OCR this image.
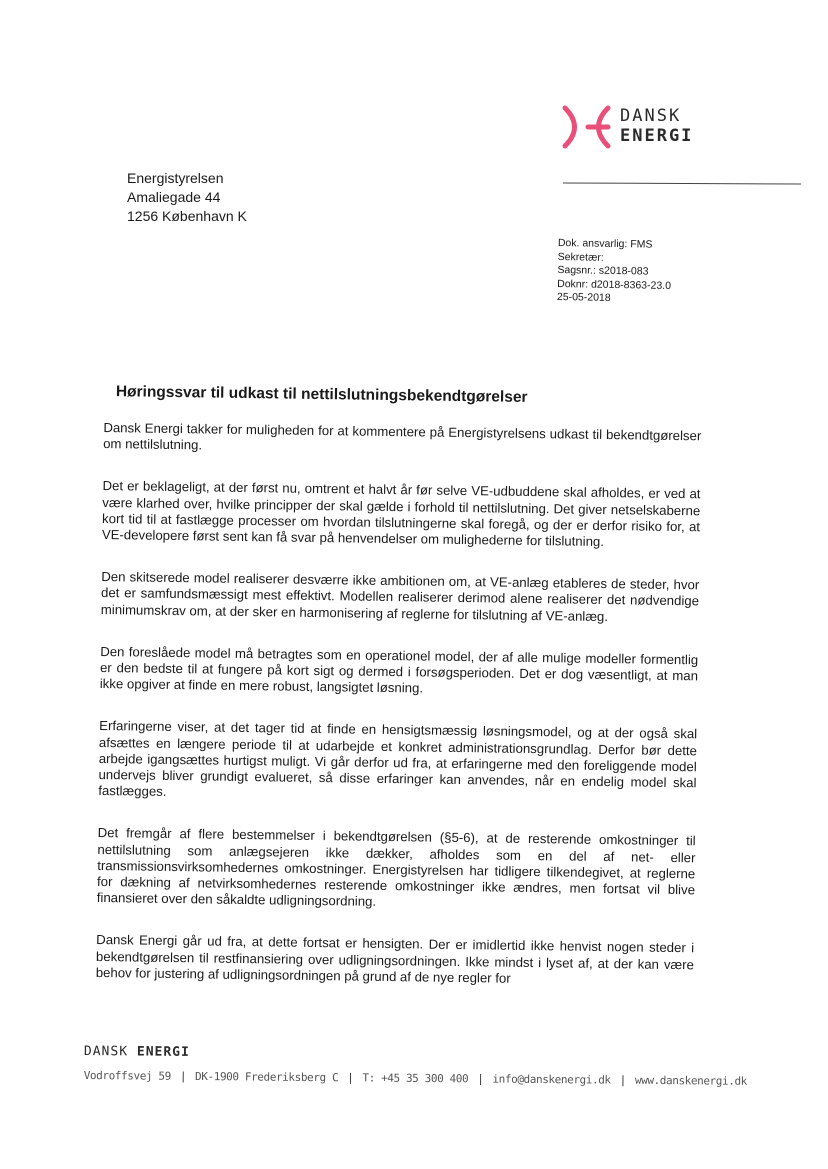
DANSK
ENERGI
Energistyrelsen
Amaliegade 44
1256 København K
Dok. ansvarlig: FMS
Sekretær:
Sagsnr.: s2018-083
Doknr: d2018-8363-23.0
25-05-2018
Høringssvar til udkast til nettilslutningsbekendtgørelser

Dansk Energi takker for muligheden for at kommentere på Energistyrelsens udkast til bekendtgørelser om nettilslutning.

Det er beklageligt, at der først nu, omtrent et halvt år før selve VE-udbuddene skal afholdes, er ved at være klarhed over, hvilke principper der skal gælde i forhold til nettilslutning. Det giver netselskaberne kort tid til at fastlægge processer om hvordan tilslutningerne skal foregå, og der er derfor risiko for, at VE-developere først sent kan få svar på henvendelser om mulighederne for tilslutning.

Den skitserede model realiserer desværre ikke ambitionen om, at VE-anlæg etableres de steder, hvor det er samfundsmæssigt mest effektivt. Modellen realiserer derimod alene realiserer det nødvendige minimumskrav om, at der sker en harmonisering af reglerne for tilslutning af VE-anlæg.

Den foreslåede model må betragtes som en operationel model, der af alle mulige modeller formentlig er den bedste til at fungere på kort sigt og dermed i forsøgsperioden. Det er dog væsentligt, at man ikke opgiver at finde en mere robust, langsigtet løsning.

Erfaringerne viser, at det tager tid at finde en hensigtsmæssig løsningsmodel, og at der også skal afsættes en længere periode til at udarbejde et konkret administrationsgrundlag. Derfor bør dette arbejde igangsættes hurtigst muligt. Vi går derfor ud fra, at erfaringerne med den foreliggende model undervejs bliver grundigt evalueret, så disse erfaringer kan anvendes, når en endelig model skal fastlægges.

Det fremgår af flere bestemmelser i bekendtgørelsen (§5-6), at de resterende omkostninger til nettilslutning som anlægsejeren ikke dækker, afholdes som en del af net- eller transmissionsvirksomhedernes omkostninger. Energistyrelsen har tidligere tilkendegivet, at reglerne for dækning af netvirksomhedernes resterende omkostninger ikke ændres, men fortsat vil blive finansieret over den såkaldte udligningsordning.

Dansk Energi går ud fra, at dette fortsat er hensigten. Der er imidlertid ikke henvist nogen steder i bekendtgørelsen til restfinansiering over udligningsordningen. Ikke mindst i lyset af, at der kan være behov for justering af udligningsordningen på grund af de nye regler for

DANSK ENERGI
Vodroffsvej 59 | DK-1900 Frederiksberg C | T: +45 35 300 400 | info@danskenergi.dk | www.danskenergi.dk
